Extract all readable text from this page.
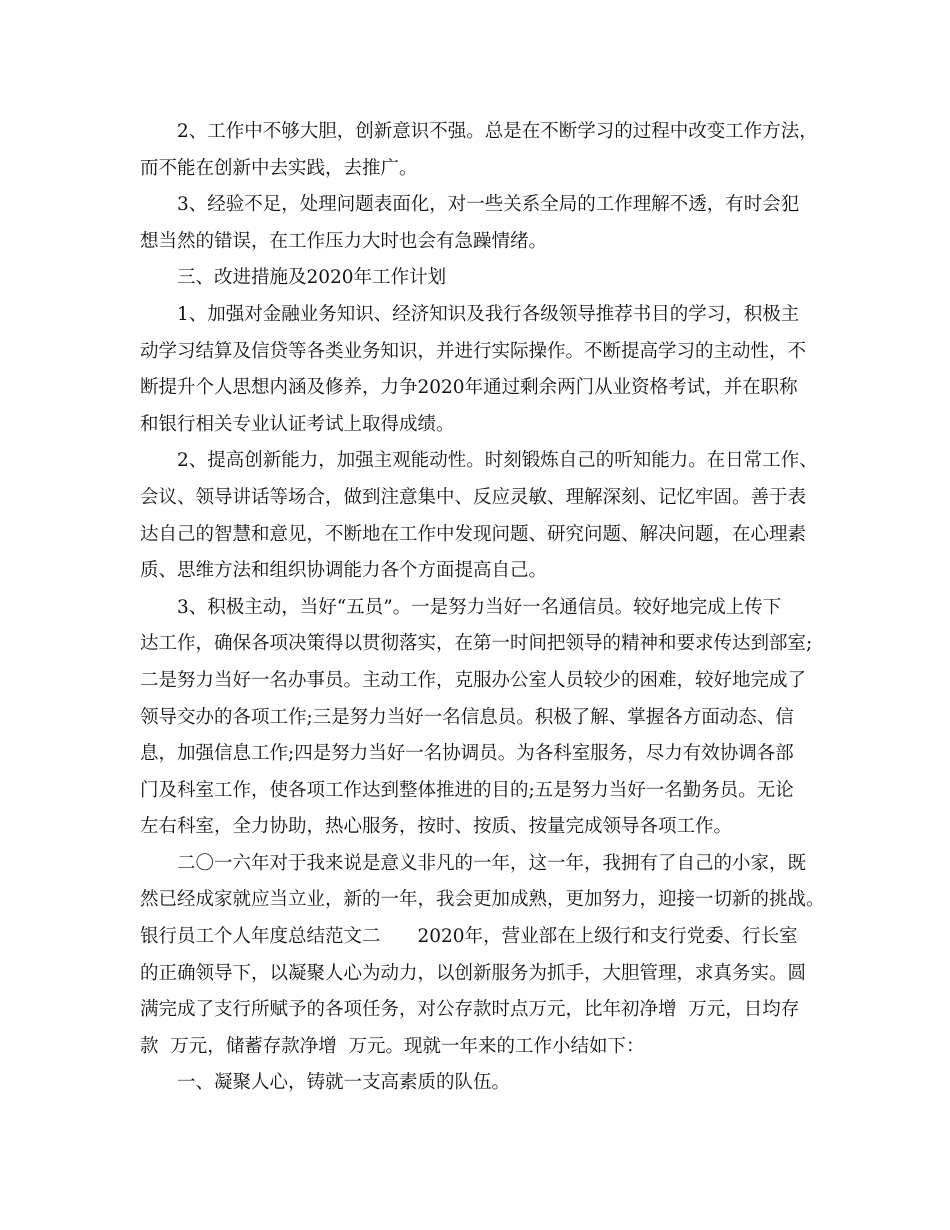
2、工作中不够大胆，创新意识不强。总是在不断学习的过程中改变工作方法，
而不能在创新中去实践，去推广。

3、经验不足，处理问题表面化，对一些关系全局的工作理解不透，有时会犯
想当然的错误，在工作压力大时也会有急躁情绪。

三、改进措施及2020年工作计划

1、加强对金融业务知识、经济知识及我行各级领导推荐书目的学习，积极主
动学习结算及信贷等各类业务知识，并进行实际操作。不断提高学习的主动性，不
断提升个人思想内涵及修养，力争2020年通过剩余两门从业资格考试，并在职称
和银行相关专业认证考试上取得成绩。

2、提高创新能力，加强主观能动性。时刻锻炼自己的听知能力。在日常工作、
会议、领导讲话等场合，做到注意集中、反应灵敏、理解深刻、记忆牢固。善于表
达自己的智慧和意见，不断地在工作中发现问题、研究问题、解决问题，在心理素
质、思维方法和组织协调能力各个方面提高自己。

3、积极主动，当好“五员”。一是努力当好一名通信员。较好地完成上传下
达工作，确保各项决策得以贯彻落实，在第一时间把领导的精神和要求传达到部室;
二是努力当好一名办事员。主动工作，克服办公室人员较少的困难，较好地完成了
领导交办的各项工作;三是努力当好一名信息员。积极了解、掌握各方面动态、信
息，加强信息工作;四是努力当好一名协调员。为各科室服务，尽力有效协调各部
门及科室工作，使各项工作达到整体推进的目的;五是努力当好一名勤务员。无论
左右科室，全力协助，热心服务，按时、按质、按量完成领导各项工作。

二〇一六年对于我来说是意义非凡的一年，这一年，我拥有了自己的小家，既
然已经成家就应当立业，新的一年，我会更加成熟，更加努力，迎接一切新的挑战。

银行员工个人年度总结范文二　　2020年，营业部在上级行和支行党委、行长室
的正确领导下，以凝聚人心为动力，以创新服务为抓手，大胆管理，求真务实。圆
满完成了支行所赋予的各项任务，对公存款时点万元，比年初净增  万元，日均存
款  万元，储蓄存款净增  万元。现就一年来的工作小结如下：

一、凝聚人心，铸就一支高素质的队伍。
